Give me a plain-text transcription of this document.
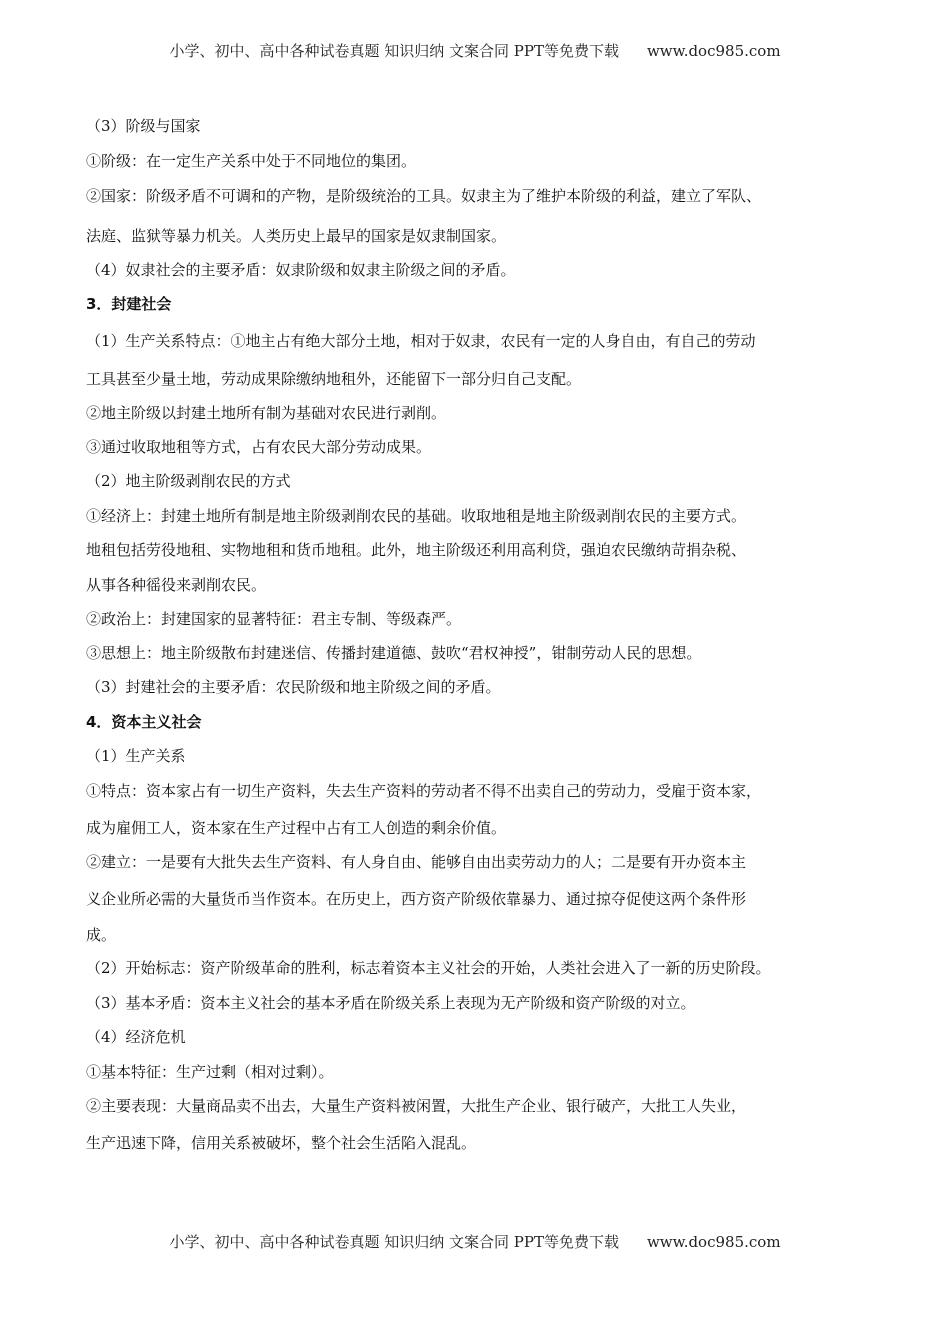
小学、初中、高中各种试卷真题 知识归纳 文案合同 PPT等免费下载 www.doc985.com

（3）阶级与国家

①阶级：在一定生产关系中处于不同地位的集团。

②国家：阶级矛盾不可调和的产物，是阶级统治的工具。奴隶主为了维护本阶级的利益，建立了军队、

法庭、监狱等暴力机关。人类历史上最早的国家是奴隶制国家。

（4）奴隶社会的主要矛盾：奴隶阶级和奴隶主阶级之间的矛盾。

3．封建社会

（1）生产关系特点：①地主占有绝大部分土地，相对于奴隶，农民有一定的人身自由，有自己的劳动

工具甚至少量土地，劳动成果除缴纳地租外，还能留下一部分归自己支配。

②地主阶级以封建土地所有制为基础对农民进行剥削。

③通过收取地租等方式，占有农民大部分劳动成果。

（2）地主阶级剥削农民的方式

①经济上：封建土地所有制是地主阶级剥削农民的基础。收取地租是地主阶级剥削农民的主要方式。

地租包括劳役地租、实物地租和货币地租。此外，地主阶级还利用高利贷，强迫农民缴纳苛捐杂税、

从事各种徭役来剥削农民。

②政治上：封建国家的显著特征：君主专制、等级森严。

③思想上：地主阶级散布封建迷信、传播封建道德、鼓吹“君权神授”，钳制劳动人民的思想。

（3）封建社会的主要矛盾：农民阶级和地主阶级之间的矛盾。

4．资本主义社会

（1）生产关系

①特点：资本家占有一切生产资料，失去生产资料的劳动者不得不出卖自己的劳动力，受雇于资本家，

成为雇佣工人，资本家在生产过程中占有工人创造的剩余价值。

②建立：一是要有大批失去生产资料、有人身自由、能够自由出卖劳动力的人；二是要有开办资本主

义企业所必需的大量货币当作资本。在历史上，西方资产阶级依靠暴力、通过掠夺促使这两个条件形

成。

（2）开始标志：资产阶级革命的胜利，标志着资本主义社会的开始，人类社会进入了一新的历史阶段。

（3）基本矛盾：资本主义社会的基本矛盾在阶级关系上表现为无产阶级和资产阶级的对立。

（4）经济危机

①基本特征：生产过剩（相对过剩）。

②主要表现：大量商品卖不出去，大量生产资料被闲置，大批生产企业、银行破产，大批工人失业，

生产迅速下降，信用关系被破坏，整个社会生活陷入混乱。

小学、初中、高中各种试卷真题 知识归纳 文案合同 PPT等免费下载 www.doc985.com
